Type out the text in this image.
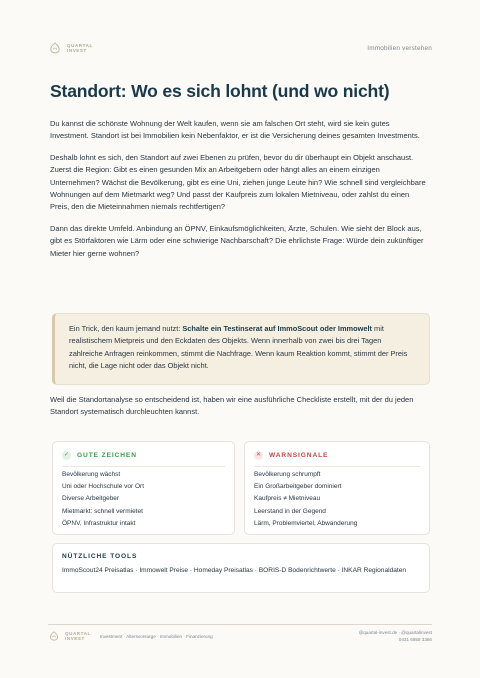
QUARTAL
INVEST	Immobilien verstehen
Standort: Wo es sich lohnt (und wo nicht)

Du kannst die schönste Wohnung der Welt kaufen, wenn sie am falschen Ort steht, wird sie kein gutes Investment. Standort ist bei Immobilien kein Nebenfaktor, er ist die Versicherung deines gesamten Investments.

Deshalb lohnt es sich, den Standort auf zwei Ebenen zu prüfen, bevor du dir überhaupt ein Objekt anschaust. Zuerst die Region: Gibt es einen gesunden Mix an Arbeitgebern oder hängt alles an einem einzigen Unternehmen? Wächst die Bevölkerung, gibt es eine Uni, ziehen junge Leute hin? Wie schnell sind vergleichbare Wohnungen auf dem Mietmarkt weg? Und passt der Kaufpreis zum lokalen Mietniveau, oder zahlst du einen Preis, den die Mieteinnahmen niemals rechtfertigen?

Dann das direkte Umfeld. Anbindung an ÖPNV, Einkaufsmöglichkeiten, Ärzte, Schulen. Wie sieht der Block aus, gibt es Störfaktoren wie Lärm oder eine schwierige Nachbarschaft? Die ehrlichste Frage: Würde dein zukünftiger Mieter hier gerne wohnen?

Ein Trick, den kaum jemand nutzt: Schalte ein Testinserat auf ImmoScout oder Immowelt mit realistischem Mietpreis und den Eckdaten des Objekts. Wenn innerhalb von zwei bis drei Tagen zahlreiche Anfragen reinkommen, stimmt die Nachfrage. Wenn kaum Reaktion kommt, stimmt der Preis nicht, die Lage nicht oder das Objekt nicht.

Weil die Standortanalyse so entscheidend ist, haben wir eine ausführliche Checkliste erstellt, mit der du jeden Standort systematisch durchleuchten kannst.

✓	GUTE ZEICHEN
Bevölkerung wächst
Uni oder Hochschule vor Ort
Diverse Arbeitgeber
Mietmarkt: schnell vermietet
ÖPNV, Infrastruktur intakt
✕	WARNSIGNALE
Bevölkerung schrumpft
Ein Großarbeitgeber dominiert
Kaufpreis ≠ Mietniveau
Leerstand in der Gegend
Lärm, Problemviertel, Abwanderung
NÜTZLICHE TOOLS
ImmoScout24 Preisatlas · Immowelt Preise · Homeday Preisatlas · BORIS-D Bodenrichtwerte · INKAR Regionaldaten
QUARTAL
INVEST	Investment · Altersvorsorge · Immobilien · Finanzierung
@quartal-invest.de · @quartalinvest
0431 6858 3366
